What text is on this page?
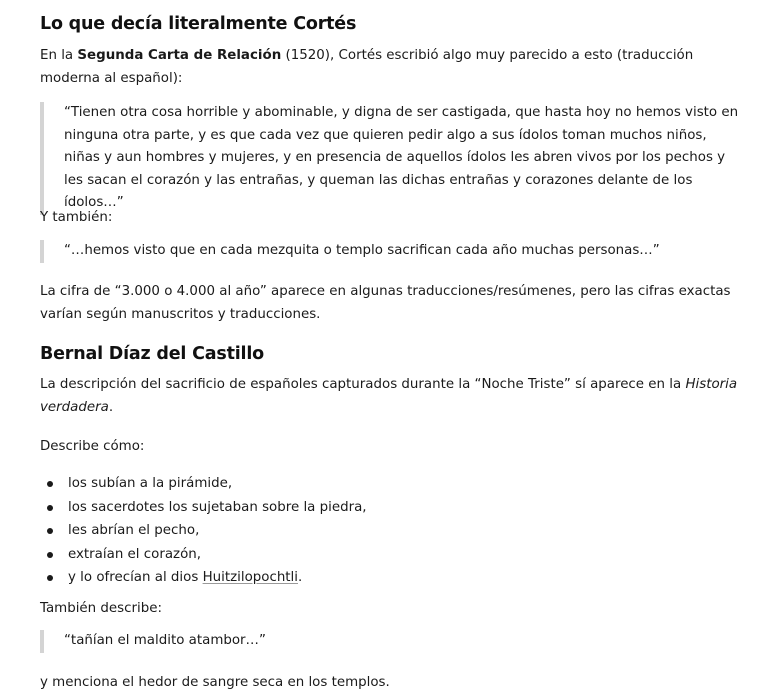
Lo que decía literalmente Cortés

En la Segunda Carta de Relación (1520), Cortés escribió algo muy parecido a esto (traducción moderna al español):

“Tienen otra cosa horrible y abominable, y digna de ser castigada, que hasta hoy no hemos visto en ninguna otra parte, y es que cada vez que quieren pedir algo a sus ídolos toman muchos niños, niñas y aun hombres y mujeres, y en presencia de aquellos ídolos les abren vivos por los pechos y les sacan el corazón y las entrañas, y queman las dichas entrañas y corazones delante de los ídolos…”

Y también:

“…hemos visto que en cada mezquita o templo sacrifican cada año muchas personas…”

La cifra de “3.000 o 4.000 al año” aparece en algunas traducciones/resúmenes, pero las cifras exactas varían según manuscritos y traducciones.

Bernal Díaz del Castillo

La descripción del sacrificio de españoles capturados durante la “Noche Triste” sí aparece en la Historia verdadera.

Describe cómo:

los subían a la pirámide,
los sacerdotes los sujetaban sobre la piedra,
les abrían el pecho,
extraían el corazón,
y lo ofrecían al dios Huitzilopochtli.

También describe:

“tañían el maldito atambor…”

y menciona el hedor de sangre seca en los templos.
